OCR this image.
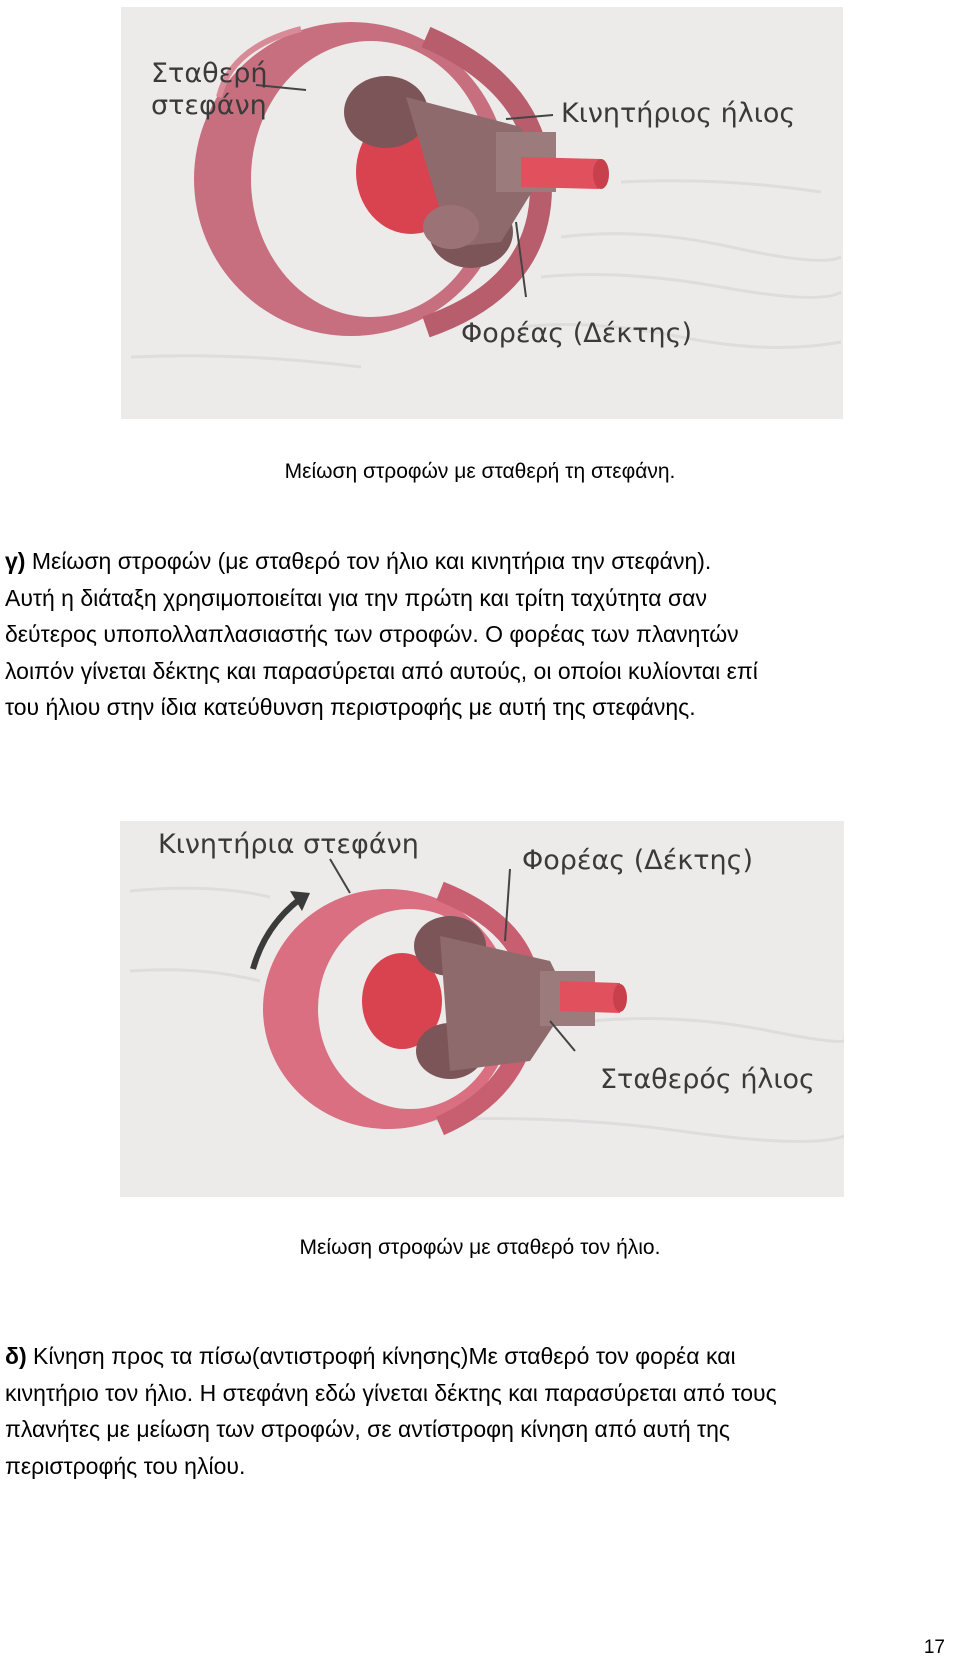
Σταθερή
στεφάνη	Κινητήριος ήλιος
Φορέας (Δέκτης)
Μείωση στροφών με σταθερή τη στεφάνη.
γ) Μείωση στροφών (με σταθερό τον ήλιο και κινητήρια την στεφάνη).
Αυτή η διάταξη χρησιμοποιείται για την πρώτη και τρίτη ταχύτητα σαν
δεύτερος υποπολλαπλασιαστής των στροφών. Ο φορέας των πλανητών
λοιπόν γίνεται δέκτης και παρασύρεται από αυτούς, οι οποίοι κυλίονται επί
του ήλιου στην ίδια κατεύθυνση περιστροφής με αυτή της στεφάνης.
Κινητήρια στεφάνη
Φορέας (Δέκτης)
Σταθερός ήλιος
Μείωση στροφών με σταθερό τον ήλιο.
δ) Κίνηση προς τα πίσω(αντιστροφή κίνησης)Με σταθερό τον φορέα και
κινητήριο τον ήλιο. Η στεφάνη εδώ γίνεται δέκτης και παρασύρεται από τους
πλανήτες με μείωση των στροφών, σε αντίστροφη κίνηση από αυτή της
περιστροφής του ηλίου.
17
